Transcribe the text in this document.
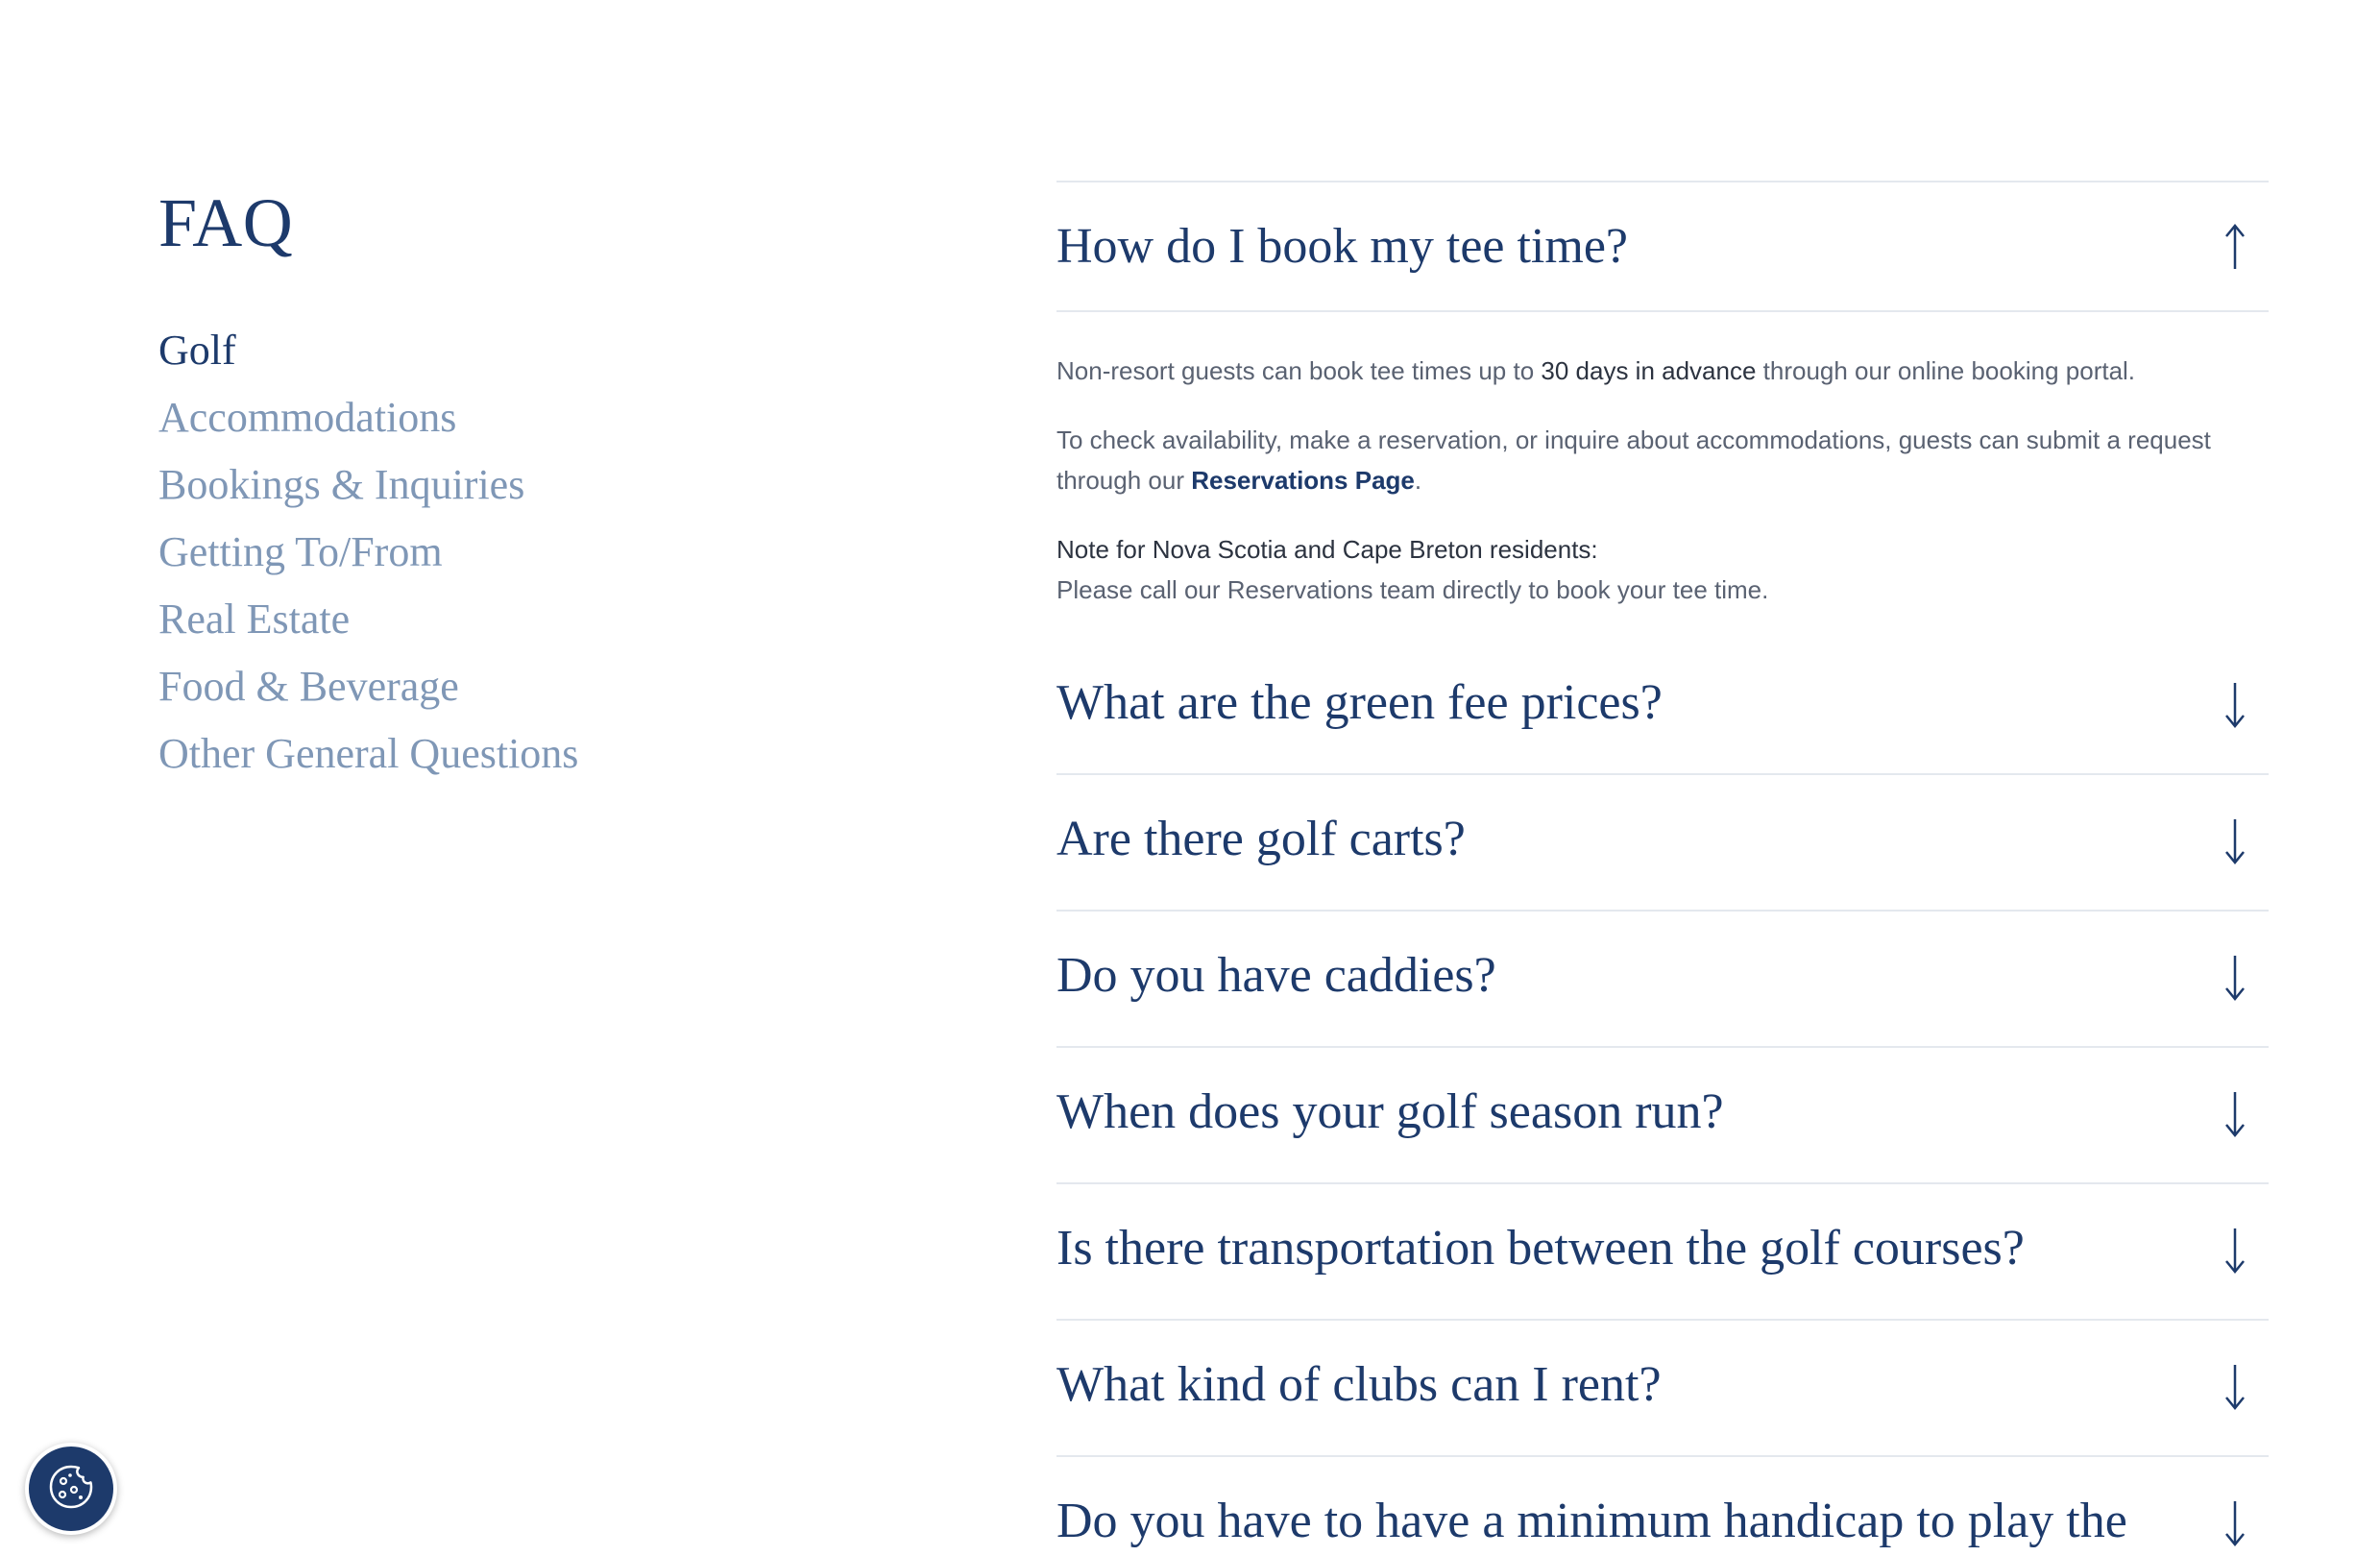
FAQ
Golf
Accommodations
Bookings & Inquiries
Getting To/From
Real Estate
Food & Beverage
Other General Questions
How do I book my tee time?

Non-resort guests can book tee times up to 30 days in advance through our online booking portal.

To check availability, make a reservation, or inquire about accommodations, guests can submit a request through our Reservations Page.

Note for Nova Scotia and Cape Breton residents:
Please call our Reservations team directly to book your tee time.

What are the green fee prices?
Are there golf carts?
Do you have caddies?
When does your golf season run?
Is there transportation between the golf courses?
What kind of clubs can I rent?
Do you have to have a minimum handicap to play the
